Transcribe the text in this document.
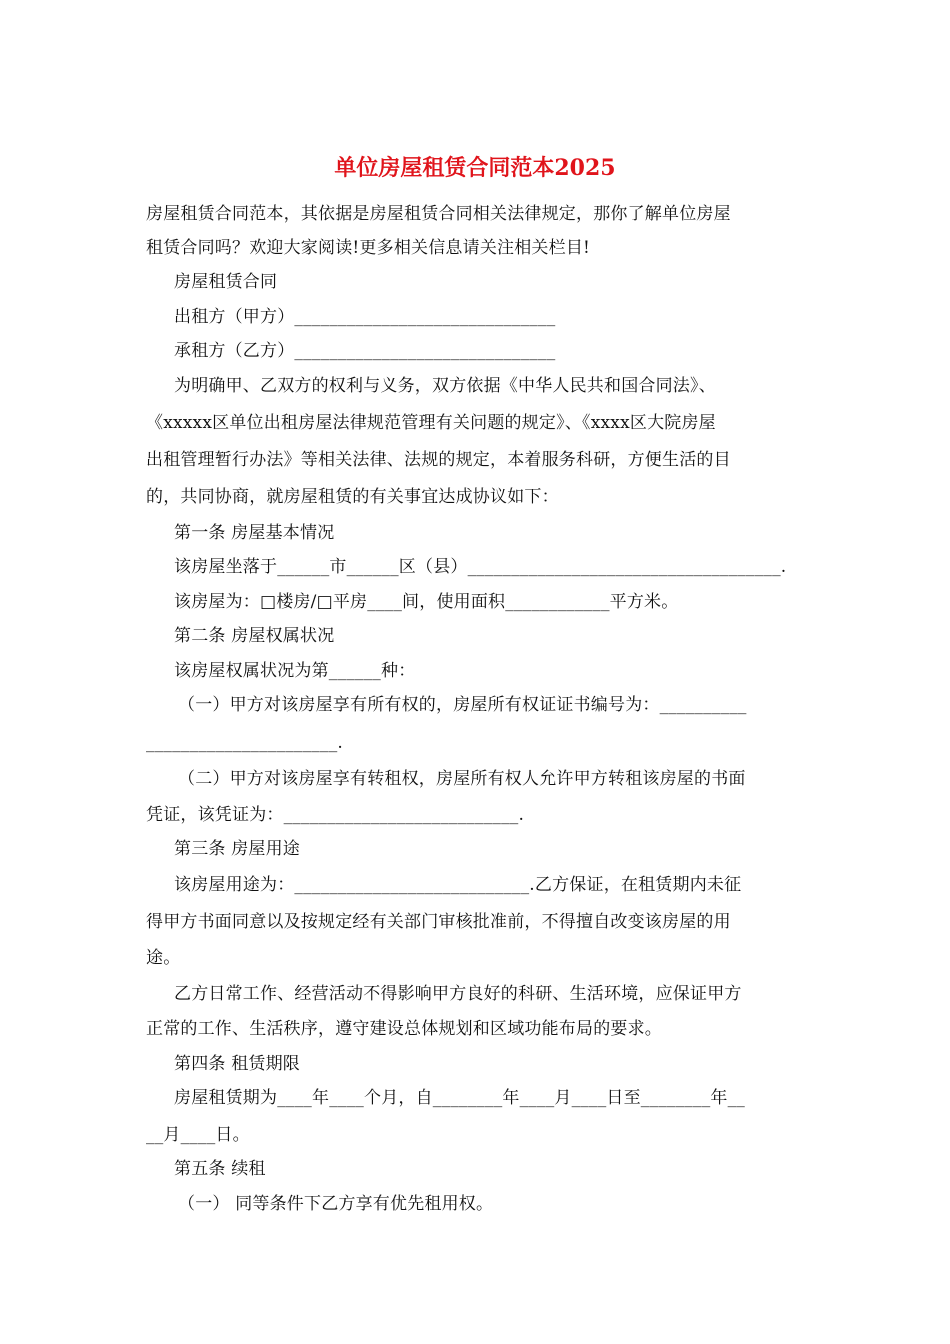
单位房屋租赁合同范本2025
房屋租赁合同范本，其依据是房屋租赁合同相关法律规定，那你了解单位房屋
租赁合同吗？欢迎大家阅读!更多相关信息请关注相关栏目!
房屋租赁合同
出租方（甲方）______________________________
承租方（乙方）______________________________
为明确甲、乙双方的权利与义务，双方依据《中华人民共和国合同法》、
《xxxxx区单位出租房屋法律规范管理有关问题的规定》、《xxxx区大院房屋
出租管理暂行办法》等相关法律、法规的规定，本着服务科研，方便生活的目
的，共同协商，就房屋租赁的有关事宜达成协议如下：
第一条 房屋基本情况
该房屋坐落于______市______区（县）____________________________________.
该房屋为：□楼房/□平房____间，使用面积____________平方米。
第二条 房屋权属状况
该房屋权属状况为第______种：
（一）甲方对该房屋享有所有权的，房屋所有权证证书编号为：__________
______________________.
（二）甲方对该房屋享有转租权，房屋所有权人允许甲方转租该房屋的书面
凭证，该凭证为：___________________________.
第三条 房屋用途
该房屋用途为：___________________________.乙方保证，在租赁期内未征
得甲方书面同意以及按规定经有关部门审核批准前，不得擅自改变该房屋的用
途。
乙方日常工作、经营活动不得影响甲方良好的科研、生活环境，应保证甲方
正常的工作、生活秩序，遵守建设总体规划和区域功能布局的要求。
第四条 租赁期限
房屋租赁期为____年____个月，自________年____月____日至________年__
__月____日。
第五条 续租
（一） 同等条件下乙方享有优先租用权。
